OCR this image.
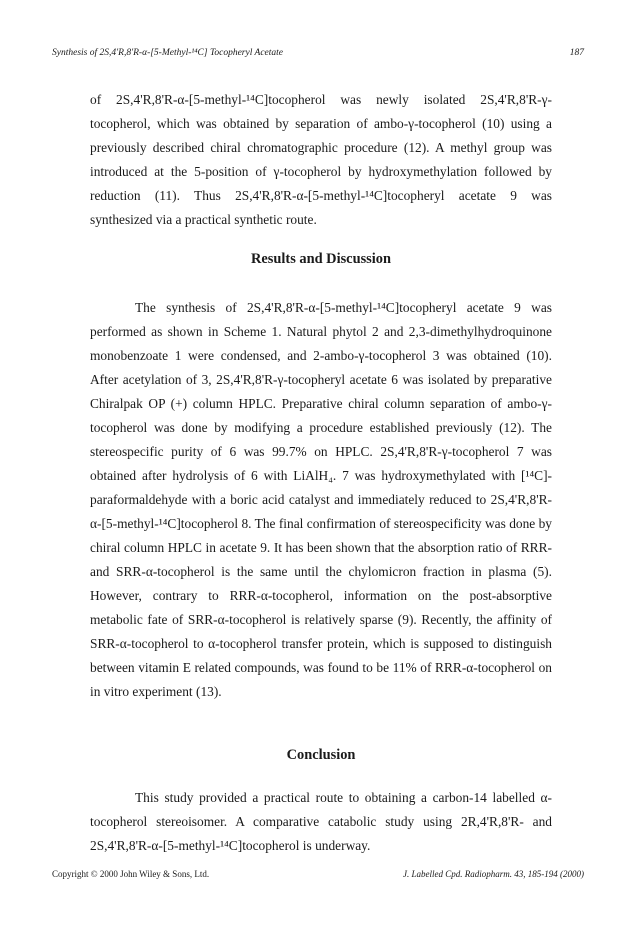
Synthesis of 2S,4'R,8'R-α-[5-Methyl-¹⁴C] Tocopheryl Acetate	187

of 2S,4'R,8'R-α-[5-methyl-¹⁴C]tocopherol was newly isolated 2S,4'R,8'R-γ-tocopherol, which was obtained by separation of ambo-γ-tocopherol (10) using a previously described chiral chromatographic procedure (12). A methyl group was introduced at the 5-position of γ-tocopherol by hydroxymethylation followed by reduction (11). Thus 2S,4'R,8'R-α-[5-methyl-¹⁴C]tocopheryl acetate 9 was synthesized via a practical synthetic route.

Results and Discussion

The synthesis of 2S,4'R,8'R-α-[5-methyl-¹⁴C]tocopheryl acetate 9 was performed as shown in Scheme 1. Natural phytol 2 and 2,3-dimethylhydroquinone monobenzoate 1 were condensed, and 2-ambo-γ-tocopherol 3 was obtained (10). After acetylation of 3, 2S,4'R,8'R-γ-tocopheryl acetate 6 was isolated by preparative Chiralpak OP (+) column HPLC. Preparative chiral column separation of ambo-γ-tocopherol was done by modifying a procedure established previously (12). The stereospecific purity of 6 was 99.7% on HPLC. 2S,4'R,8'R-γ-tocopherol 7 was obtained after hydrolysis of 6 with LiAlH₄. 7 was hydroxymethylated with [¹⁴C]-paraformaldehyde with a boric acid catalyst and immediately reduced to 2S,4'R,8'R-α-[5-methyl-¹⁴C]tocopherol 8. The final confirmation of stereospecificity was done by chiral column HPLC in acetate 9. It has been shown that the absorption ratio of RRR- and SRR-α-tocopherol is the same until the chylomicron fraction in plasma (5). However, contrary to RRR-α-tocopherol, information on the post-absorptive metabolic fate of SRR-α-tocopherol is relatively sparse (9). Recently, the affinity of SRR-α-tocopherol to α-tocopherol transfer protein, which is supposed to distinguish between vitamin E related compounds, was found to be 11% of RRR-α-tocopherol on in vitro experiment (13).

Conclusion

This study provided a practical route to obtaining a carbon-14 labelled α-tocopherol stereoisomer. A comparative catabolic study using 2R,4'R,8'R- and 2S,4'R,8'R-α-[5-methyl-¹⁴C]tocopherol is underway.

Copyright © 2000 John Wiley & Sons, Ltd.	J. Labelled Cpd. Radiopharm. 43, 185-194 (2000)
